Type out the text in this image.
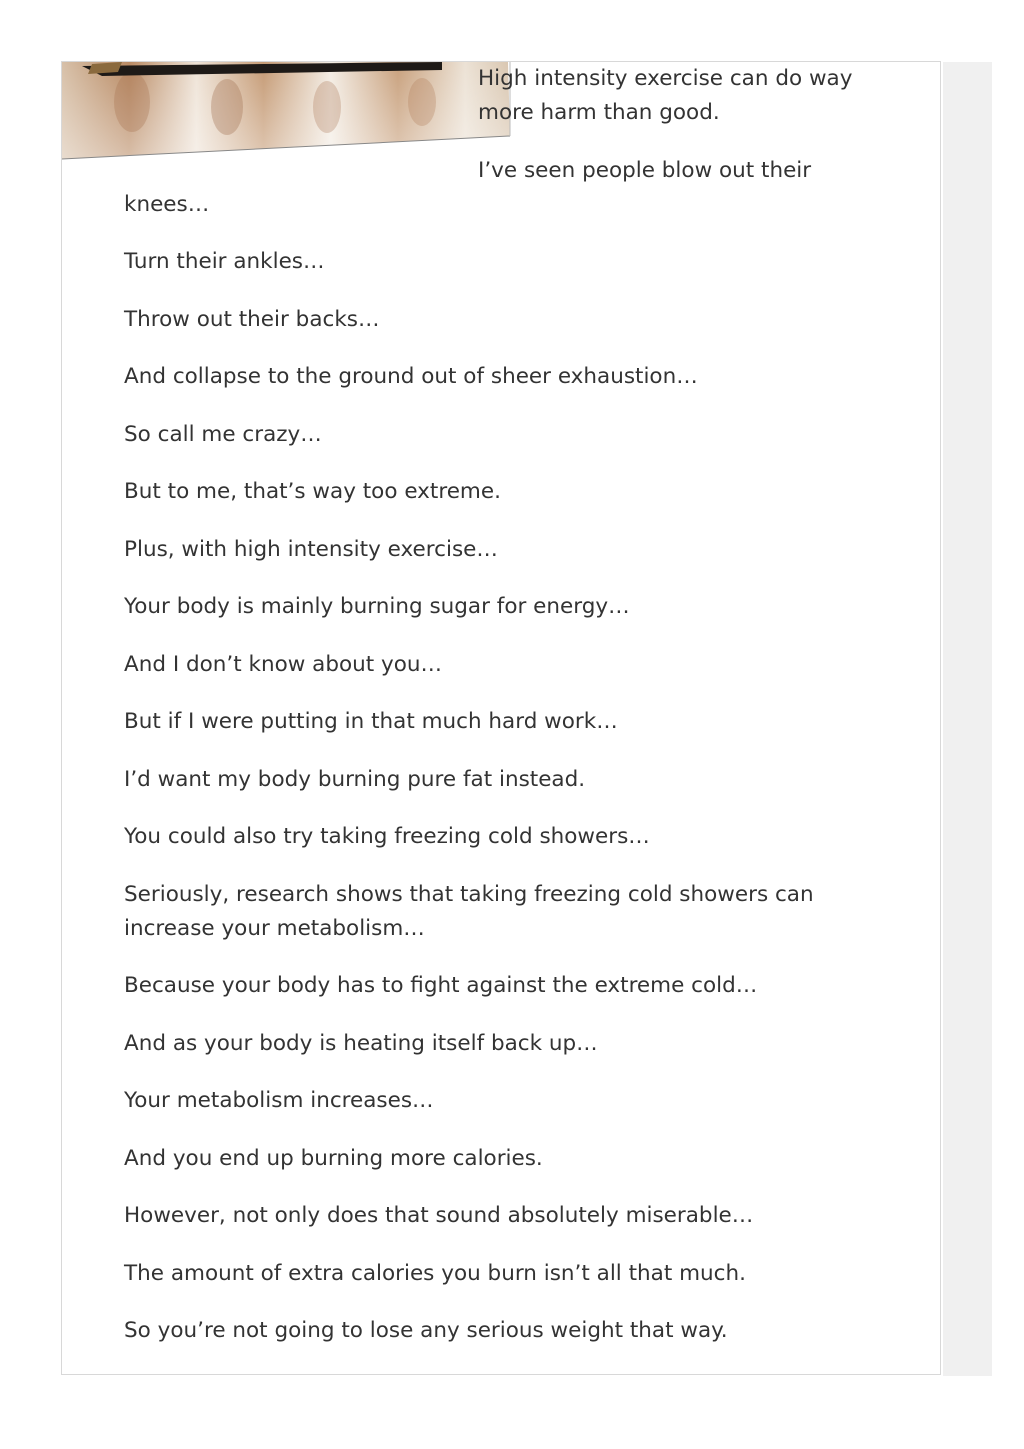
High intensity exercise can do way more harm than good.

I’ve seen people blow out their knees…

Turn their ankles…

Throw out their backs…

And collapse to the ground out of sheer exhaustion…

So call me crazy…

But to me, that’s way too extreme.

Plus, with high intensity exercise…

Your body is mainly burning sugar for energy…

And I don’t know about you…

But if I were putting in that much hard work…

I’d want my body burning pure fat instead.

You could also try taking freezing cold showers…

Seriously, research shows that taking freezing cold showers can increase your metabolism…

Because your body has to fight against the extreme cold…

And as your body is heating itself back up…

Your metabolism increases…

And you end up burning more calories.

However, not only does that sound absolutely miserable…

The amount of extra calories you burn isn’t all that much.

So you’re not going to lose any serious weight that way.
